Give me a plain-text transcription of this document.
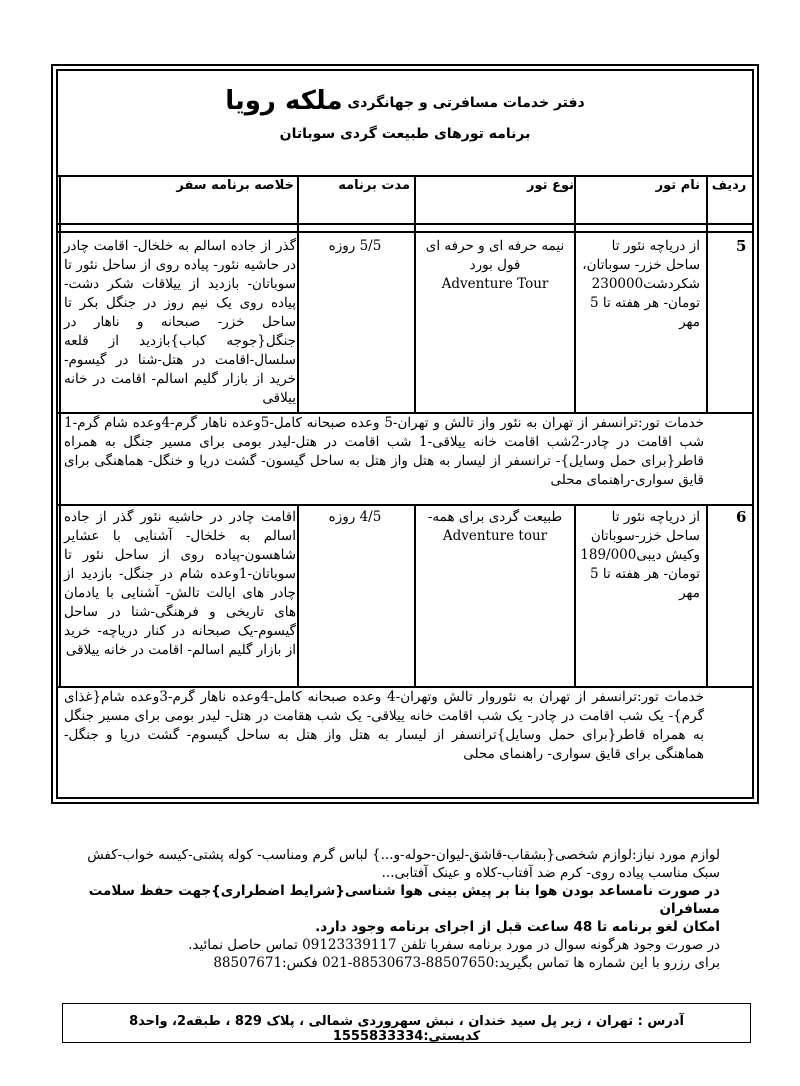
دفتر خدمات مسافرتی و جهانگردی ملکه رویا
برنامه تورهای طبیعت گردی سوباتان
ردیف
نام تور
نوع تور
مدت برنامه
خلاصه برنامه سفر
5
از دریاچه نئور تا ساحل خزر- سوباتان، شکردشت230000 تومان- هر هفته تا 5 مهر
نیمه حرفه ای و حرفه ای
فول بورد
Adventure Tour
5/5 روزه
گذر از جاده اسالم به خلخال- اقامت چادر در حاشیه نئور- پیاده روی از ساحل نئور تا سوباتان- بازدید از ییلاقات شکر دشت- پیاده روی یک نیم روز در جنگل بکر تا ساحل خزر- صبحانه و ناهار در جنگل{جوجه کباب}بازدید از قلعه سلسال-اقامت در هتل-شنا در گیسوم- خرید از بازار گلیم اسالم- اقامت در خانه ییلاقی
خدمات تور:ترانسفر از تهران به نئور واز تالش و تهران-5 وعده صبحانه کامل-5وعده ناهار گرم-4وعده شام گرم-1 شب اقامت در چادر-2شب اقامت خانه ییلاقی-1 شب اقامت در هتل-لیدر بومی برای مسیر جنگل به همراه قاطر{برای حمل وسایل}- ترانسفر از لیسار به هتل واز هتل به ساحل گیسون- گشت دریا و خنگل- هماهنگی برای قایق سواری-راهنمای محلی
6
از دریاچه نئور تا ساحل خزر-سوباتان وکیش دیبی189/000 تومان- هر هفته تا 5 مهر
طبیعت گردی برای همه-
Adventure tour
4/5 روزه
اقامت چادر در حاشیه نئور گذر از جاده اسالم به خلخال- آشنایی با عشایر شاهسون-پیاده روی از ساحل نئور تا سوباتان-1وعده شام در جنگل- بازدید از چادر های ایالت تالش- آشنایی با یادمان های تاریخی و فرهنگی-شنا در ساحل گیسوم-یک صبحانه در کنار دریاچه- خرید از بازار گلیم اسالم- اقامت در خانه ییلاقی
خدمات تور:ترانسفر از تهران به نئوروار تالش وتهران-4 وعده صبحانه کامل-4وعده ناهار گرم-3وعده شام{غذای گرم}- یک شب اقامت در چادر- یک شب اقامت خانه ییلاقی- یک شب هقامت در هتل- لیدر بومی برای مسیر جنگل به همراه قاطر{برای حمل وسایل}ترانسفر از لیسار به هتل واز هتل به ساحل گیسوم- گشت دریا و جنگل- هماهنگی برای قایق سواری- راهنمای محلی

لوازم مورد نیاز:لوازم شخصی{بشقاب-قاشق-لیوان-حوله-و...} لباس گرم ومناسب- کوله پشتی-کیسه خواب-کفش سبک مناسب پیاده روی- کرم ضد آفتاب-کلاه و عینک آفتابی...

در صورت نامساعد بودن هوا بنا بر پیش بینی هوا شناسی{شرایط اضطراری}جهت حفظ سلامت مسافران

امکان لغو برنامه تا 48 ساعت قبل از اجرای برنامه وجود دارد.

در صورت وجود هرگونه سوال در مورد برنامه سفربا تلفن 09123339117 تماس حاصل نمائید.

برای رزرو با این شماره ها تماس بگیرید:88507650-88530673-021 فکس:88507671

آدرس : تهران ، زیر پل سید خندان ، نبش سهروردی شمالی ، پلاک 829 ، طبقه2، واحد8 کدپستی:1555833334
